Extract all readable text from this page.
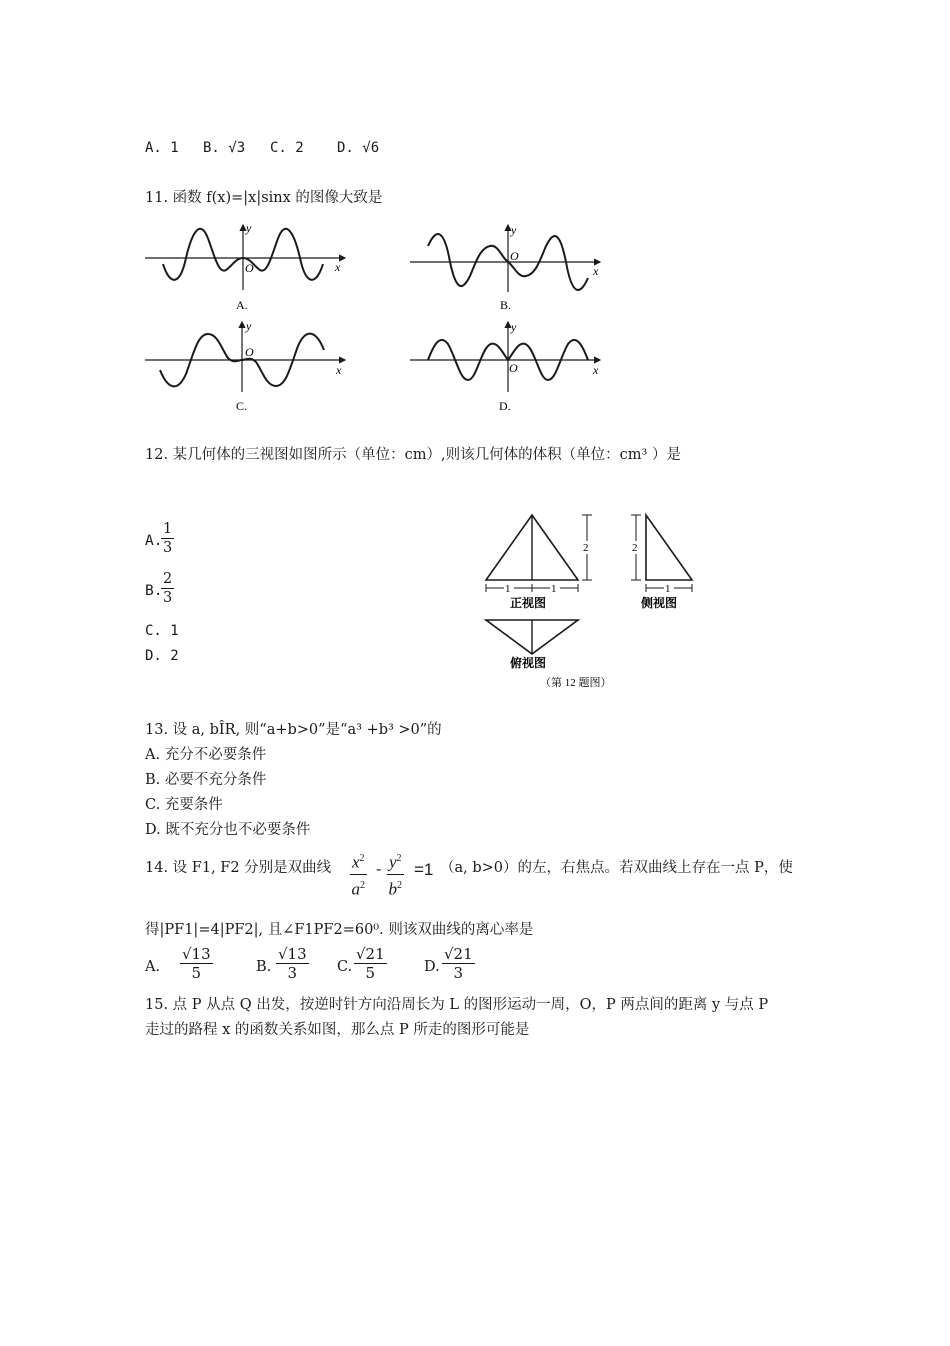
A. 1 B. √3 C. 2 D. √6
11. 函数 f(x)=|x|sinx 的图像大致是
y
x
O
A.
y
x
O
B.
y
x
O
C.
y
x
O
D.
12. 某几何体的三视图如图所示（单位：cm）,则该几何体的体积（单位：cm³ ）是
A.
$\frac{1}{3}$
B.
$\frac{2}{3}$
C. 1
D. 2
1	1
2
正视图
2
1
侧视图
俯视图
（第 12 题图）
13. 设 a, bÎR, 则“a+b>0”是“a³ +b³ >0”的
A. 充分不必要条件
B. 必要不充分条件
C. 充要条件
D. 既不充分也不必要条件
14. 设 F1, F2 分别是双曲线 $\frac{x^2}{a^2} - \frac{y^2}{b^2} =1$ （a, b>0）的左，右焦点。若双曲线上存在一点 P，使
得|PF1|=4|PF2|, 且∠F1PF2=60⁰. 则该双曲线的离心率是
A. $\frac{√13}{5}$	B. $\frac{√13}{3} C$. $\frac{√21}{5}$	D. $\frac{√21}{3}$
15. 点 P 从点 Q 出发，按逆时针方向沿周长为 L 的图形运动一周，O，P 两点间的距离 y 与点 P
走过的路程 x 的函数关系如图，那么点 P 所走的图形可能是
